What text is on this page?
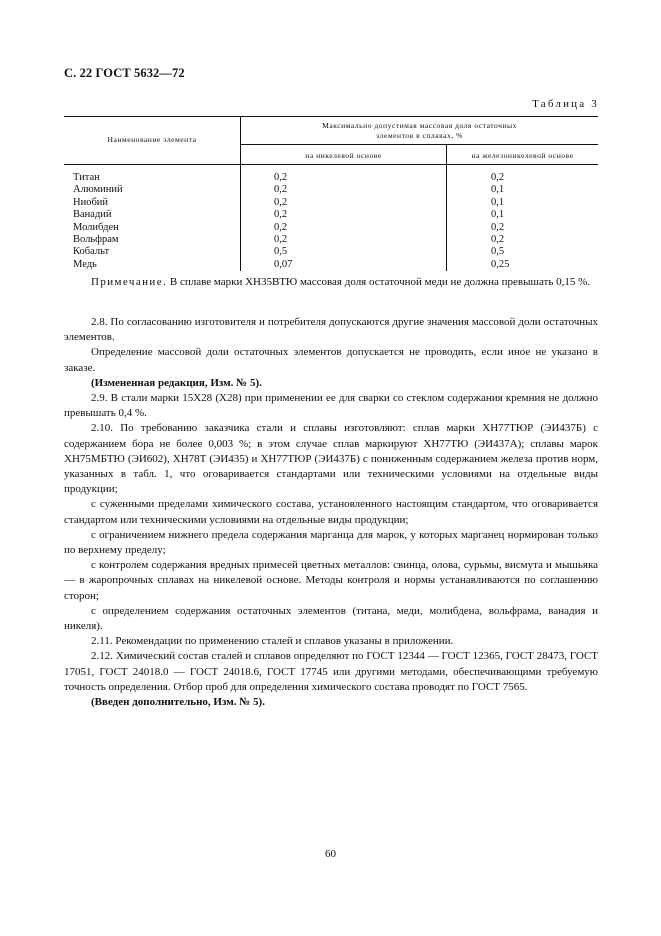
С. 22 ГОСТ 5632—72
Таблица 3
Наименование элемента
Максимально допустимая массовая доля остаточных
элементов в сплавах, %
на никелевой основе	на железоникелевой основе
Титан	0,2	0,2
Алюминий	0,2	0,1
Ниобий	0,2	0,1
Ванадий	0,2	0,1
Молибден	0,2	0,2
Вольфрам	0,2	0,2
Кобальт	0,5	0,5
Медь	0,07	0,25

Примечание. В сплаве марки ХН35ВТЮ массовая доля остаточной меди не должна превышать 0,15 %.

2.8. По согласованию изготовителя и потребителя допускаются другие значения массовой доли остаточных элементов.

Определение массовой доли остаточных элементов допускается не проводить, если иное не указано в заказе.

(Измененная редакция, Изм. № 5).

2.9. В стали марки 15Х28 (Х28) при применении ее для сварки со стеклом содержания кремния не должно превышать 0,4 %.

2.10. По требованию заказчика стали и сплавы изготовляют: сплав марки ХН77ТЮР (ЭИ437Б) с содержанием бора не более 0,003 %; в этом случае сплав маркируют ХН77ТЮ (ЭИ437А); сплавы марок ХН75МБТЮ (ЭИ602), ХН78Т (ЭИ435) и ХН77ТЮР (ЭИ437Б) с пониженным содержанием железа против норм, указанных в табл. 1, что оговаривается стандартами или техническими условиями на отдельные виды продукции;

с суженными пределами химического состава, установленного настоящим стандартом, что оговаривается стандартом или техническими условиями на отдельные виды продукции;

с ограничением нижнего предела содержания марганца для марок, у которых марганец нормирован только по верхнему пределу;

с контролем содержания вредных примесей цветных металлов: свинца, олова, сурьмы, висмута и мышьяка — в жаропрочных сплавах на никелевой основе. Методы контроля и нормы устанавливаются по соглашению сторон;

с определением содержания остаточных элементов (титана, меди, молибдена, вольфрама, ванадия и никеля).

2.11. Рекомендации по применению сталей и сплавов указаны в приложении.

2.12. Химический состав сталей и сплавов определяют по ГОСТ 12344 — ГОСТ 12365, ГОСТ 28473, ГОСТ 17051, ГОСТ 24018.0 — ГОСТ 24018.6, ГОСТ 17745 или другими методами, обеспечивающими требуемую точность определения. Отбор проб для определения химического состава проводят по ГОСТ 7565.

(Введен дополнительно, Изм. № 5).

60
